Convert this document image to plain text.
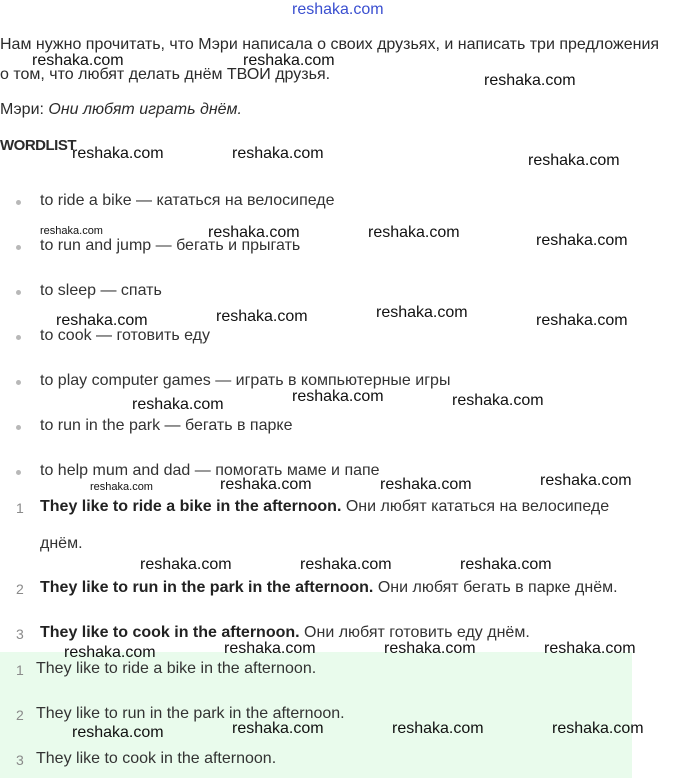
reshaka.com
Нам нужно прочитать, что Мэри написала о своих друзьях, и написать три предложения о том, что любят делать днём ТВОИ друзья.
Мэри: Они любят играть днём.
WORDLIST
to ride a bike — кататься на велосипеде
to run and jump — бегать и прыгать
to sleep — спать
to cook — готовить еду
to play computer games — играть в компьютерные игры
to run in the park — бегать в парке
to help mum and dad — помогать маме и папе
1 They like to ride a bike in the afternoon. Они любят кататься на велосипеде
днём.
2 They like to run in the park in the afternoon. Они любят бегать в парке днём.
3 They like to cook in the afternoon. Они любят готовить еду днём.
1 They like to ride a bike in the afternoon.
2 They like to run in the park in the afternoon.
3 They like to cook in the afternoon.
reshaka.com	reshaka.com
reshaka.com
reshaka.com	reshaka.com	reshaka.com
reshaka.com	reshaka.com	reshaka.com	reshaka.com
reshaka.com	reshaka.com	reshaka.com	reshaka.com
reshaka.com	reshaka.com	reshaka.com
reshaka.com	reshaka.com	reshaka.com	reshaka.com
reshaka.com	reshaka.com	reshaka.com
reshaka.com	reshaka.com	reshaka.com
reshaka.com
reshaka.com	reshaka.com	reshaka.com	reshaka.com
